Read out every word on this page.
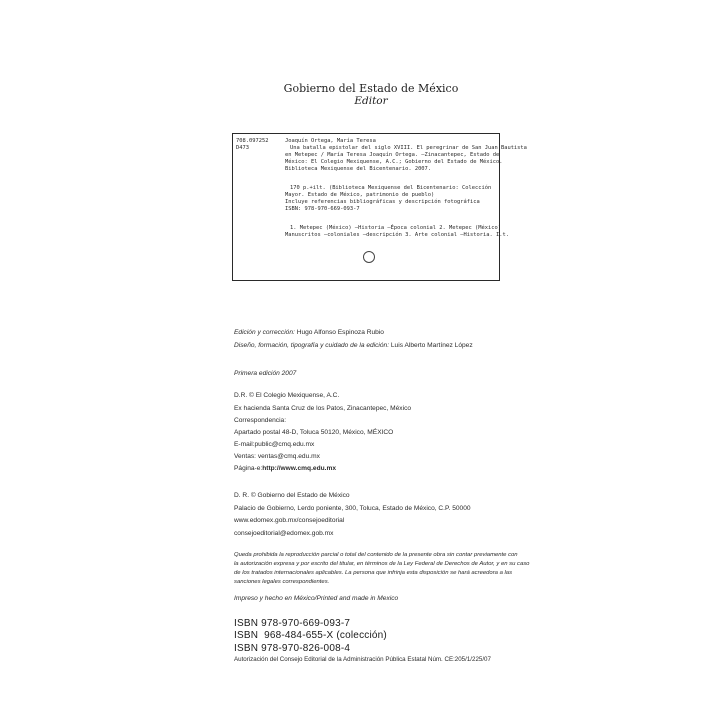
Gobierno del Estado de México
Editor
708.097252
D473
Joaquín Ortega, María Teresa
Una batalla epistolar del siglo XVIII. El peregrinar de San Juan Bautista
en Metepec / María Teresa Joaquín Ortega. —Zinacantepec, Estado de
México: El Colegio Mexiquense, A.C.; Gobierno del Estado de México.
Biblioteca Mexiquense del Bicentenario. 2007.
170 p.+ilt. (Biblioteca Mexiquense del Bicentenario: Colección
Mayor. Estado de México, patrimonio de pueblo)
Incluye referencias bibliográficas y descripción fotográfica
ISBN: 978-970-669-093-7
1. Metepec (México) –Historia –Época colonial 2. Metepec (México)
Manuscritos –coloniales –descripción 3. Arte colonial –Historia. I.t.
Edición y corrección: Hugo Alfonso Espinoza Rubio
Diseño, formación, tipografía y cuidado de la edición: Luis Alberto Martínez López
Primera edición 2007
D.R. © El Colegio Mexiquense, A.C.
Ex hacienda Santa Cruz de los Patos, Zinacantepec, México
Correspondencia:
Apartado postal 48-D, Toluca 50120, México, MÉXICO
E-mail:public@cmq.edu.mx
Ventas: ventas@cmq.edu.mx
Página-e:http://www.cmq.edu.mx
D. R. © Gobierno del Estado de México
Palacio de Gobierno, Lerdo poniente, 300, Toluca, Estado de México, C.P. 50000
www.edomex.gob.mx/consejoeditorial
consejoeditorial@edomex.gob.mx
Queda prohibida la reproducción parcial o total del contenido de la presente obra sin contar previamente con
la autorización expresa y por escrito del titular, en términos de la Ley Federal de Derechos de Autor, y en su caso
de los tratados internacionales aplicables. La persona que infrinja esta disposición se hará acreedora a las
sanciones legales correspondientes.
Impreso y hecho en México/Printed and made in Mexico
ISBN 978-970-669-093-7
ISBN  968-484-655-X (colección)
ISBN 978-970-826-008-4
Autorización del Consejo Editorial de la Administración Pública Estatal Núm. CE:205/1/225/07
